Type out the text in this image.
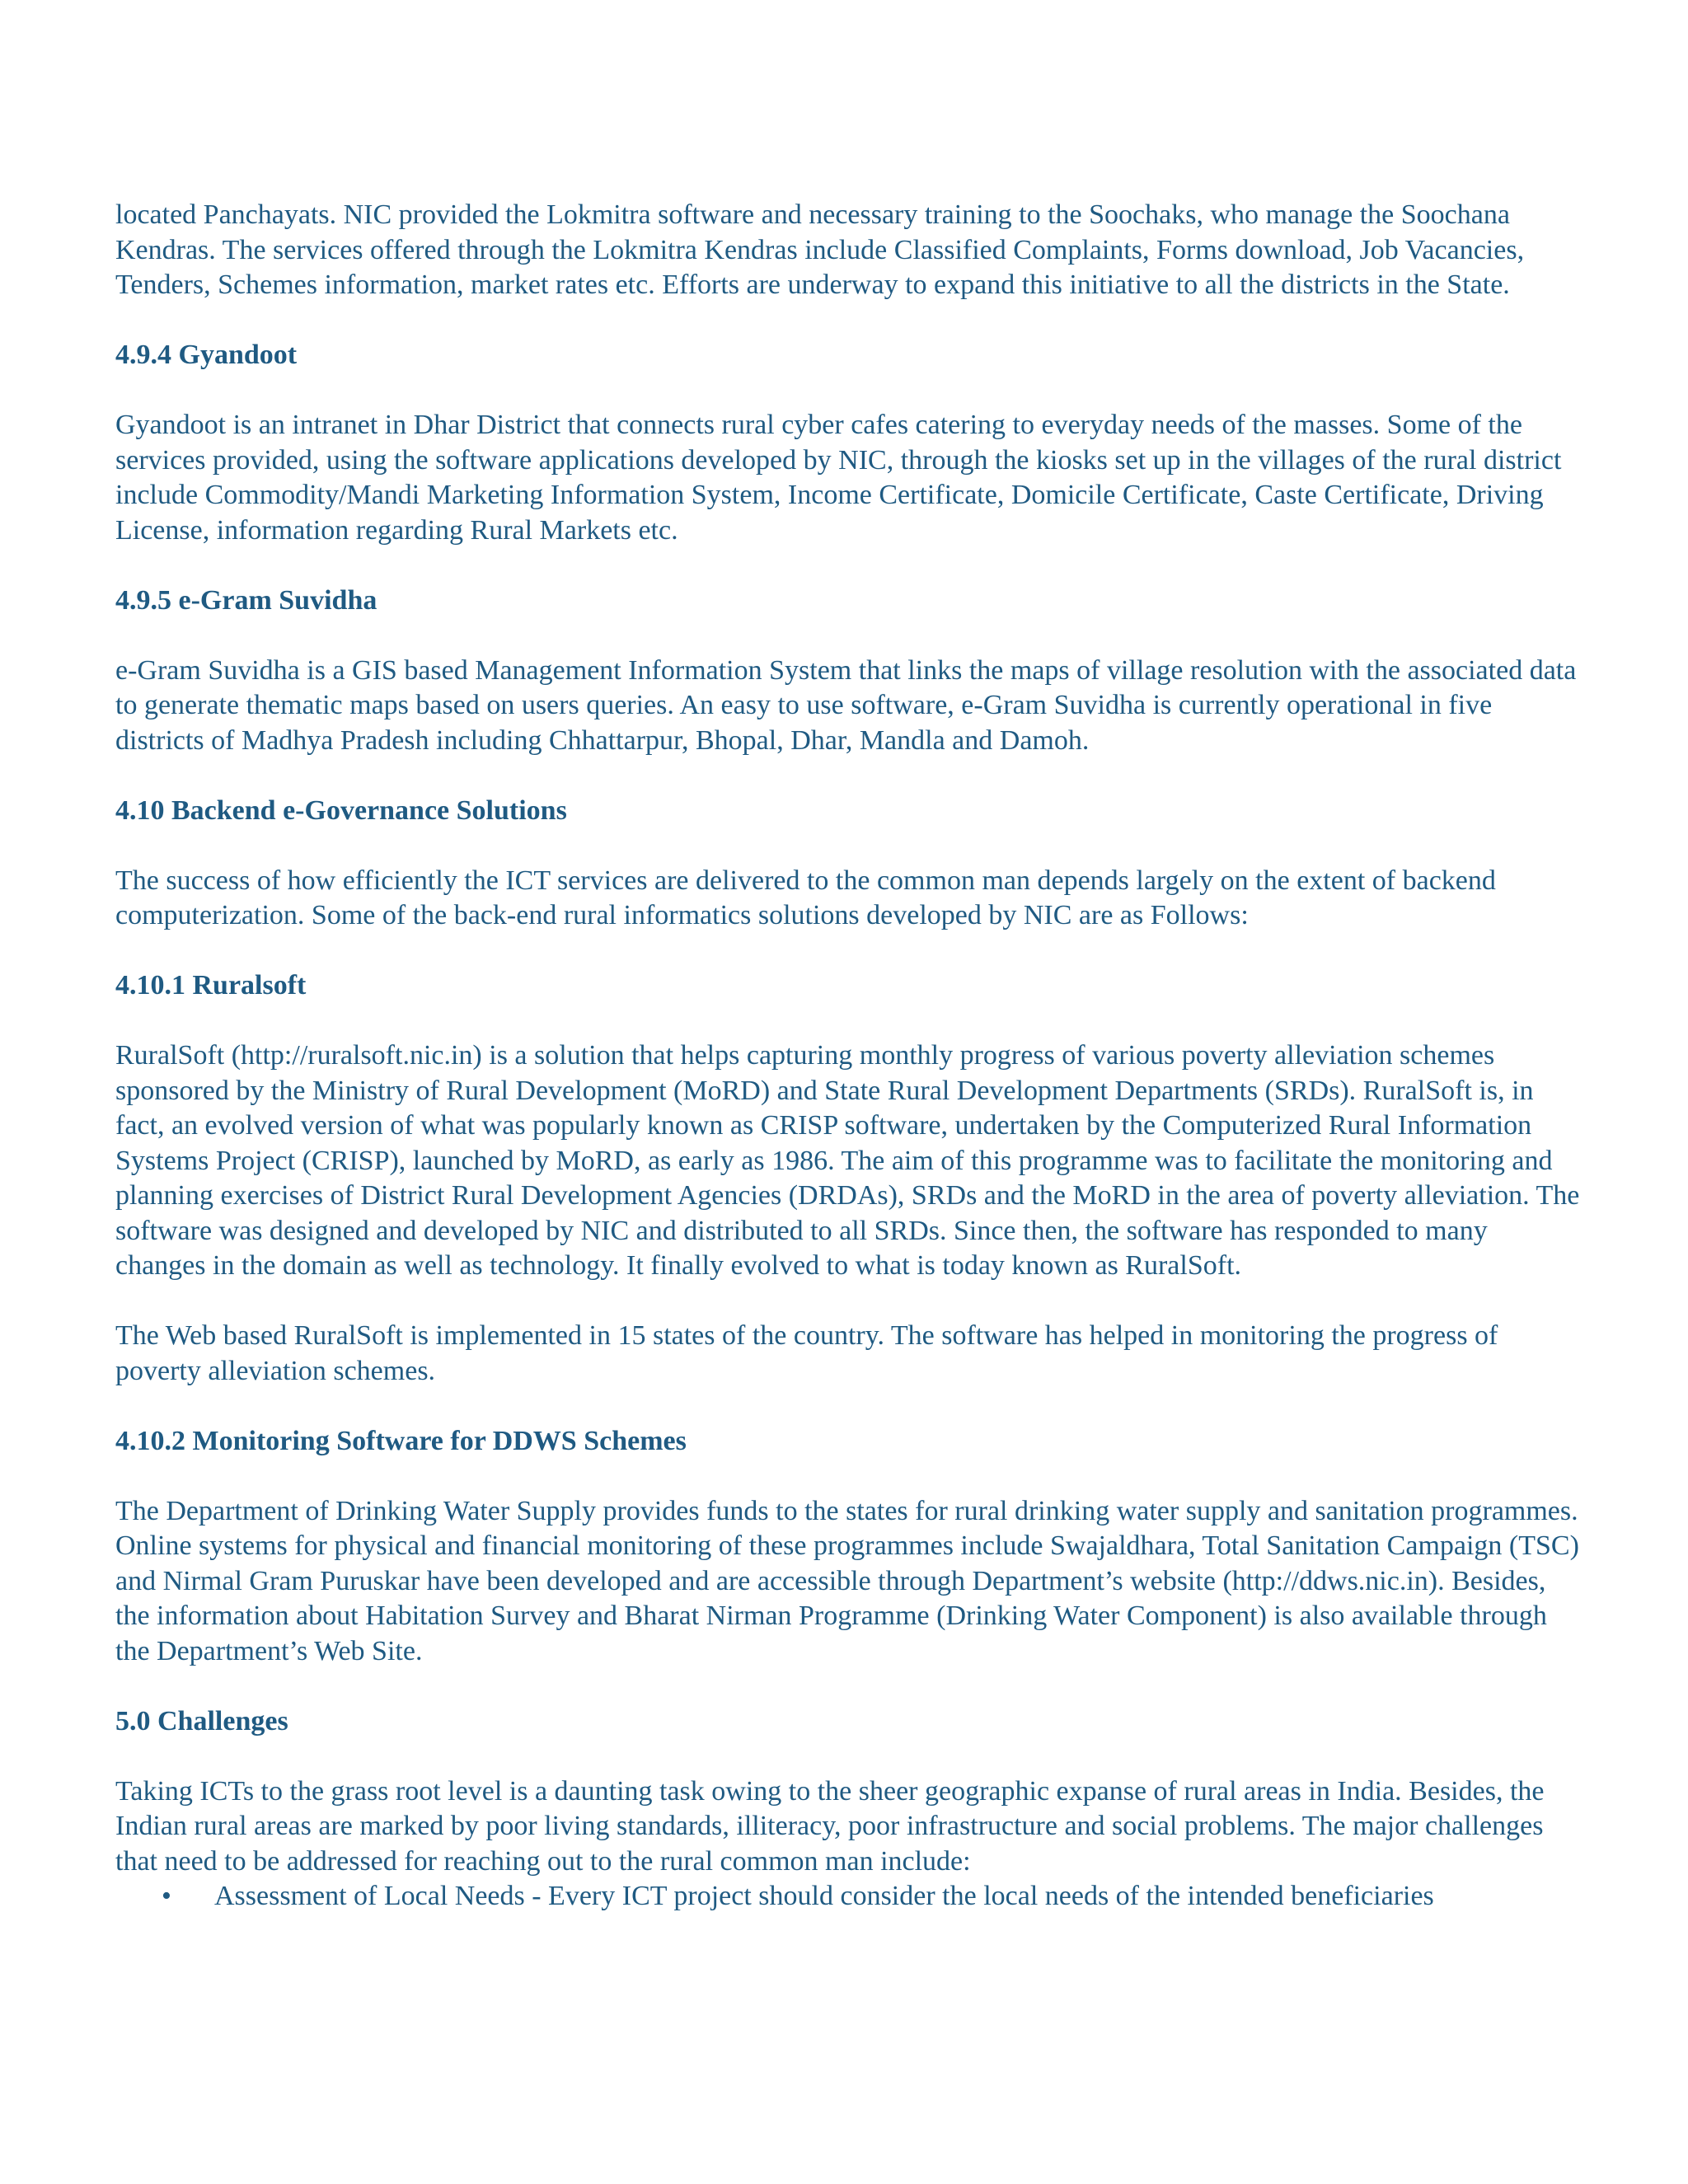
located Panchayats. NIC provided the Lokmitra software and necessary training to the Soochaks, who manage the Soochana Kendras. The services offered through the Lokmitra Kendras include Classified Complaints, Forms download, Job Vacancies, Tenders, Schemes information, market rates etc. Efforts are underway to expand this initiative to all the districts in the State.

4.9.4 Gyandoot

Gyandoot is an intranet in Dhar District that connects rural cyber cafes catering to everyday needs of the masses. Some of the services provided, using the software applications developed by NIC, through the kiosks set up in the villages of the rural district include Commodity/Mandi Marketing Information System, Income Certificate, Domicile Certificate, Caste Certificate, Driving License, information regarding Rural Markets etc.

4.9.5 e-Gram Suvidha

e-Gram Suvidha is a GIS based Management Information System that links the maps of village resolution with the associated data to generate thematic maps based on users queries. An easy to use software, e-Gram Suvidha is currently operational in five districts of Madhya Pradesh including Chhattarpur, Bhopal, Dhar, Mandla and Damoh.

4.10 Backend e-Governance Solutions

The success of how efficiently the ICT services are delivered to the common man depends largely on the extent of backend computerization. Some of the back-end rural informatics solutions developed by NIC are as Follows:

4.10.1 Ruralsoft

RuralSoft (http://ruralsoft.nic.in) is a solution that helps capturing monthly progress of various poverty alleviation schemes sponsored by the Ministry of Rural Development (MoRD) and State Rural Development Departments (SRDs). RuralSoft is, in fact, an evolved version of what was popularly known as CRISP software, undertaken by the Computerized Rural Information Systems Project (CRISP), launched by MoRD, as early as 1986. The aim of this programme was to facilitate the monitoring and planning exercises of District Rural Development Agencies (DRDAs), SRDs and the MoRD in the area of poverty alleviation. The software was designed and developed by NIC and distributed to all SRDs. Since then, the software has responded to many changes in the domain as well as technology. It finally evolved to what is today known as RuralSoft.

The Web based RuralSoft is implemented in 15 states of the country. The software has helped in monitoring the progress of poverty alleviation schemes.

4.10.2 Monitoring Software for DDWS Schemes

The Department of Drinking Water Supply provides funds to the states for rural drinking water supply and sanitation programmes. Online systems for physical and financial monitoring of these programmes include Swajaldhara, Total Sanitation Campaign (TSC) and Nirmal Gram Puruskar have been developed and are accessible through Department’s website (http://ddws.nic.in). Besides, the information about Habitation Survey and Bharat Nirman Programme (Drinking Water Component) is also available through the Department’s Web Site.

5.0 Challenges

Taking ICTs to the grass root level is a daunting task owing to the sheer geographic expanse of rural areas in India. Besides, the Indian rural areas are marked by poor living standards, illiteracy, poor infrastructure and social problems. The major challenges that need to be addressed for reaching out to the rural common man include:

• Assessment of Local Needs - Every ICT project should consider the local needs of the intended beneficiaries
